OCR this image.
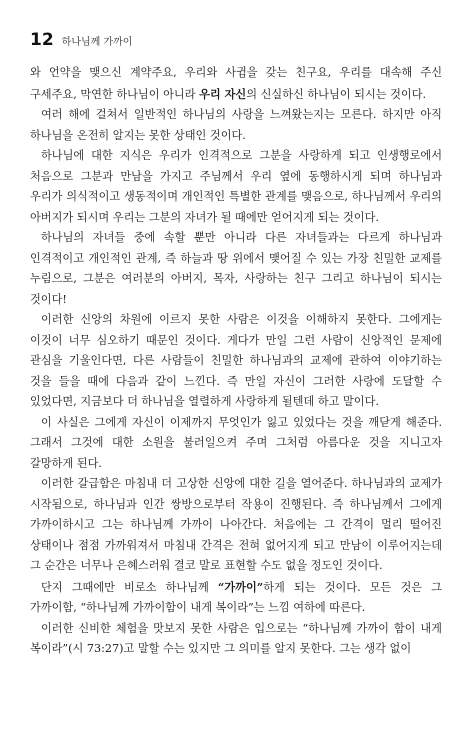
12 하나님께 가까이

와 언약을 맺으신 계약주요, 우리와 사귐을 갖는 친구요, 우리를 대속해 주신 구세주요, 막연한 하나님이 아니라 우리 자신의 신실하신 하나님이 되시는 것이다.

여러 해에 걸쳐서 일반적인 하나님의 사랑을 느껴왔는지는 모른다. 하지만 아직 하나님을 온전히 알지는 못한 상태인 것이다.

하나님에 대한 지식은 우리가 인격적으로 그분을 사랑하게 되고 인생행로에서 처음으로 그분과 만남을 가지고 주님께서 우리 옆에 동행하시게 되며 하나님과 우리가 의식적이고 생동적이며 개인적인 특별한 관계를 맺음으로, 하나님께서 우리의 아버지가 되시며 우리는 그분의 자녀가 될 때에만 얻어지게 되는 것이다.

하나님의 자녀들 중에 속할 뿐만 아니라 다른 자녀들과는 다르게 하나님과 인격적이고 개인적인 관계, 즉 하늘과 땅 위에서 맺어질 수 있는 가장 친밀한 교제를 누림으로, 그분은 여러분의 아버지, 목자, 사랑하는 친구 그리고 하나님이 되시는 것이다!

이러한 신앙의 차원에 이르지 못한 사람은 이것을 이해하지 못한다. 그에게는 이것이 너무 심오하기 때문인 것이다. 게다가 만일 그런 사람이 신앙적인 문제에 관심을 기울인다면, 다른 사람들이 친밀한 하나님과의 교제에 관하여 이야기하는 것을 들을 때에 다음과 같이 느낀다. 즉 만일 자신이 그러한 사랑에 도달할 수 있었다면, 지금보다 더 하나님을 열렬하게 사랑하게 될텐데 하고 말이다.

이 사실은 그에게 자신이 이제까지 무엇인가 잃고 있었다는 것을 깨닫게 해준다. 그래서 그것에 대한 소원을 불러일으켜 주며 그처럼 아름다운 것을 지니고자 갈망하게 된다.

이러한 갈급함은 마침내 더 고상한 신앙에 대한 길을 열어준다. 하나님과의 교제가 시작됨으로, 하나님과 인간 쌍방으로부터 작용이 진행된다. 즉 하나님께서 그에게 가까이하시고 그는 하나님께 가까이 나아간다. 처음에는 그 간격이 멀리 떨어진 상태이나 점점 가까워져서 마침내 간격은 전혀 없어지게 되고 만남이 이루어지는데 그 순간은 너무나 은혜스러워 결코 말로 표현할 수도 없을 정도인 것이다.

단지 그때에만 비로소 하나님께 “가까이”하게 되는 것이다. 모든 것은 그 가까이함, “하나님께 가까이함이 내게 복이라”는 느낌 여하에 따른다.

이러한 신비한 체험을 맛보지 못한 사람은 입으로는 “하나님께 가까이 함이 내게 복이라”(시 73:27)고 말할 수는 있지만 그 의미를 알지 못한다. 그는 생각 없이
